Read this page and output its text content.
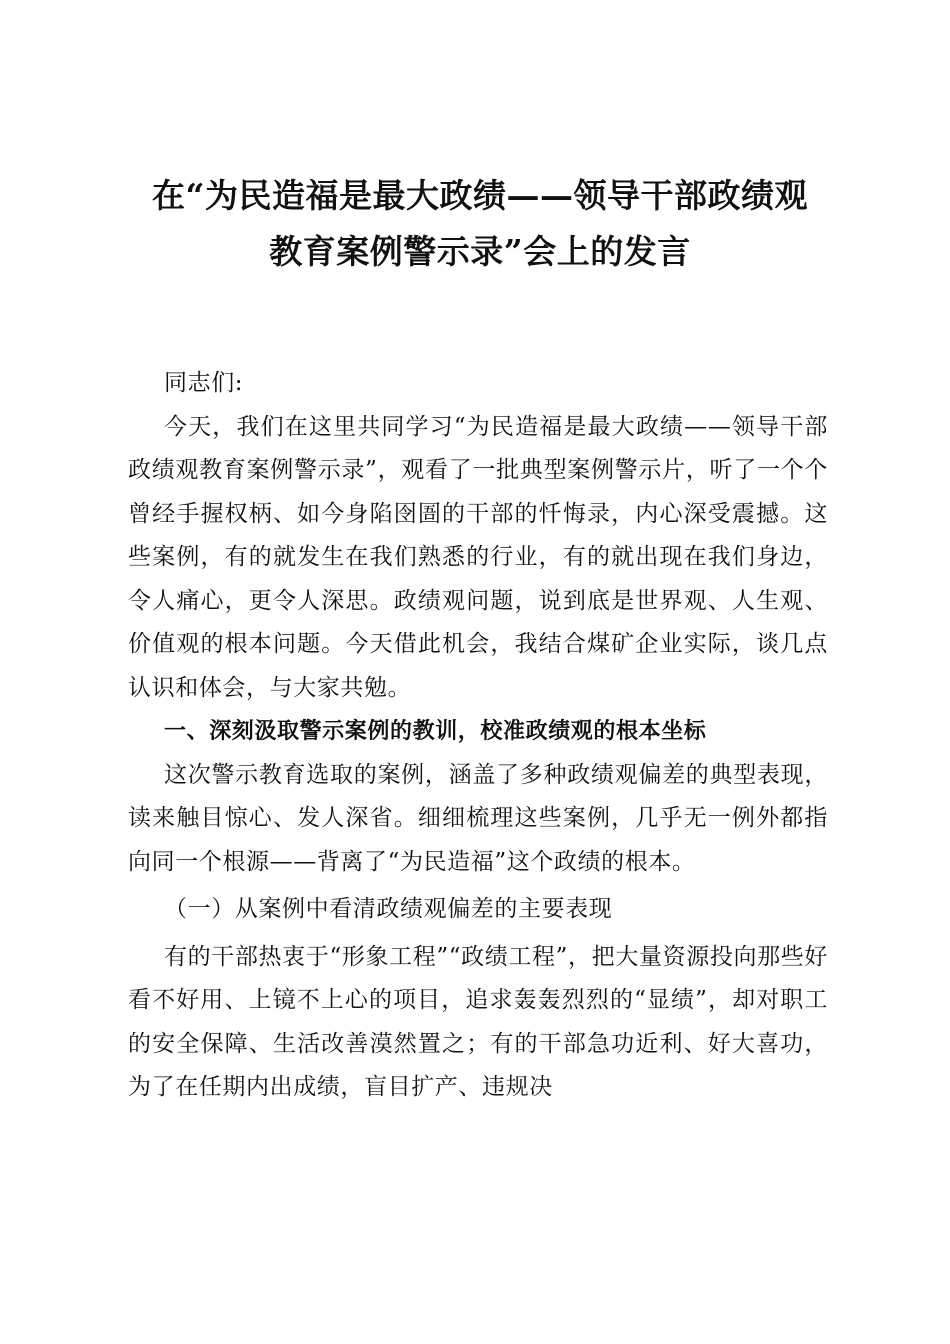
在“为民造福是最大政绩——领导干部政绩观
教育案例警示录”会上的发言

同志们:

今天，我们在这里共同学习“为民造福是最大政绩——领导干部政绩观教育案例警示录”，观看了一批典型案例警示片，听了一个个曾经手握权柄、如今身陷囹圄的干部的忏悔录，内心深受震撼。这些案例，有的就发生在我们熟悉的行业，有的就出现在我们身边，令人痛心，更令人深思。政绩观问题，说到底是世界观、人生观、价值观的根本问题。今天借此机会，我结合煤矿企业实际，谈几点认识和体会，与大家共勉。

一、深刻汲取警示案例的教训，校准政绩观的根本坐标

这次警示教育选取的案例，涵盖了多种政绩观偏差的典型表现，读来触目惊心、发人深省。细细梳理这些案例，几乎无一例外都指向同一个根源——背离了“为民造福”这个政绩的根本。

（一）从案例中看清政绩观偏差的主要表现

有的干部热衷于“形象工程”“政绩工程”，把大量资源投向那些好看不好用、上镜不上心的项目，追求轰轰烈烈的“显绩”，却对职工的安全保障、生活改善漠然置之；有的干部急功近利、好大喜功，为了在任期内出成绩，盲目扩产、违规决
